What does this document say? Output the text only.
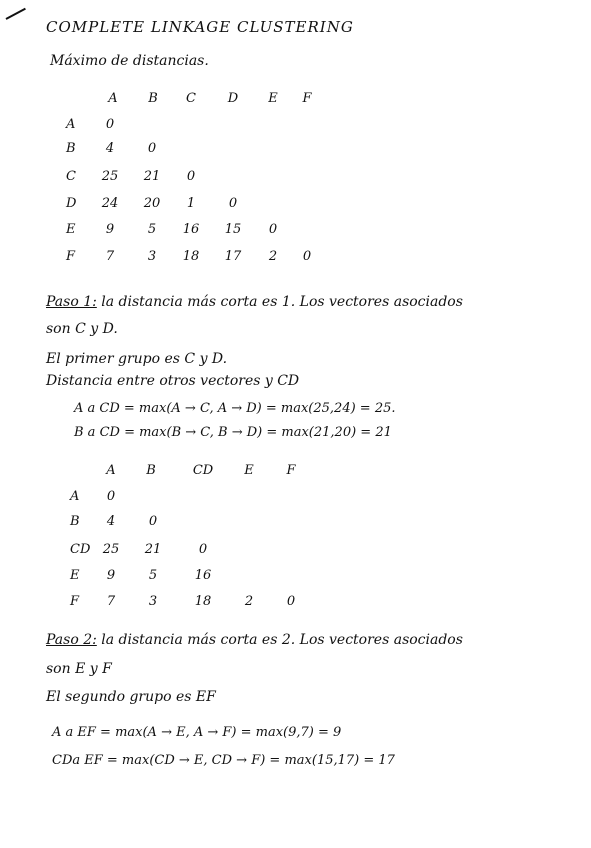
COMPLETE LINKAGE CLUSTERING
Máximo de distancias.
A	B	C	D	E	F
A	0
B	4	0
C	25	21	0
D	24	20	1	0
E	9	5	16	15	0
F	7	3	18	17	2	0
Paso 1: la distancia más corta es 1. Los vectores asociados
son C y D.
El primer grupo es C y D.
Distancia entre otros vectores y CD
A a CD = max(A → C, A → D) = max(25,24) = 25.
B a CD = max(B → C, B → D) = max(21,20) = 21
A	B	CD	E	F
A	0
B	4	0
CD 25	21	0
E	9	5	16
F	7	3	18	2	0
Paso 2: la distancia más corta es 2. Los vectores asociados
son E y F
El segundo grupo es EF
A a EF = max(A → E, A → F) = max(9,7) = 9
CDa EF = max(CD → E, CD → F) = max(15,17) = 17
